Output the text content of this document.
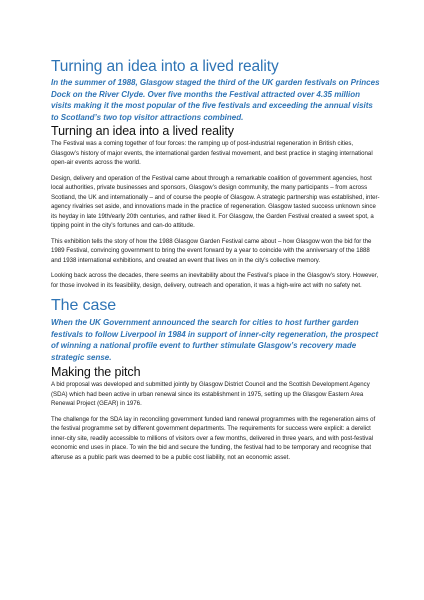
Turning an idea into a lived reality
In the summer of 1988, Glasgow staged the third of the UK garden festivals on Princes Dock on the River Clyde. Over five months the Festival attracted over 4.35 million visits making it the most popular of the five festivals and exceeding the annual visits to Scotland’s two top visitor attractions combined.
Turning an idea into a lived reality

The Festival was a coming together of four forces: the ramping up of post-industrial regeneration in British cities, Glasgow’s history of major events, the international garden festival movement, and best practice in staging international open-air events across the world.

Design, delivery and operation of the Festival came about through a remarkable coalition of government agencies, host local authorities, private businesses and sponsors, Glasgow’s design community, the many participants – from across Scotland, the UK and internationally – and of course the people of Glasgow. A strategic partnership was established, inter-agency rivalries set aside, and innovations made in the practice of regeneration. Glasgow tasted success unknown since its heyday in late 19th/early 20th centuries, and rather liked it. For Glasgow, the Garden Festival created a sweet spot, a tipping point in the city’s fortunes and can-do attitude.

This exhibition tells the story of how the 1988 Glasgow Garden Festival came about – how Glasgow won the bid for the 1989 Festival, convincing government to bring the event forward by a year to coincide with the anniversary of the 1888 and 1938 international exhibitions, and created an event that lives on in the city’s collective memory.

Looking back across the decades, there seems an inevitability about the Festival’s place in the Glasgow’s story. However, for those involved in its feasibility, design, delivery, outreach and operation, it was a high-wire act with no safety net.

The case
When the UK Government announced the search for cities to host further garden festivals to follow Liverpool in 1984 in support of inner-city regeneration, the prospect of winning a national profile event to further stimulate Glasgow’s recovery made strategic sense.
Making the pitch

A bid proposal was developed and submitted jointly by Glasgow District Council and the Scottish Development Agency (SDA) which had been active in urban renewal since its establishment in 1975, setting up the Glasgow Eastern Area Renewal Project (GEAR) in 1976.

The challenge for the SDA lay in reconciling government funded land renewal programmes with the regeneration aims of the festival programme set by different government departments. The requirements for success were explicit: a derelict inner-city site, readily accessible to millions of visitors over a few months, delivered in three years, and with post-festival economic end uses in place. To win the bid and secure the funding, the festival had to be temporary and recognise that afteruse as a public park was deemed to be a public cost liability, not an economic asset.
